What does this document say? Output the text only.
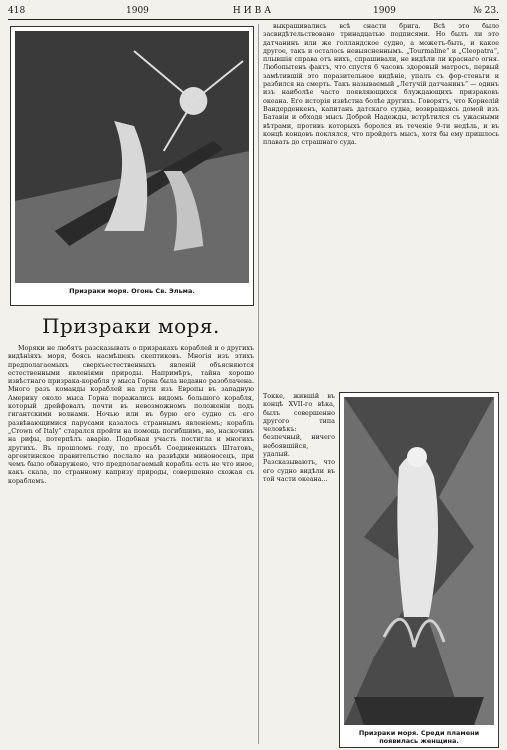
418	1909	НИВА	1909	№ 23.
Призраки моря. Огонь Св. Эльма.
Призраки моря.

Моряки не любятъ разсказывать о призракахъ кораблей и о другихъ видѣніяхъ моря, боясь насмѣшекъ скептиковъ. Многія изъ этихъ предполагаемыхъ сверхъестественныхъ явленій объясняются естественными явленіями природы. Напримѣръ, тайна хорошо извѣстнаго призрака-корабля у мыса Горна была недавно разоблачена. Много разъ команды кораблей на пути изъ Европы въ западную Америку около мыса Горна поражались видомъ большого корабля, который дрейфовалъ почти въ невозможномъ положеніи подъ гигантскими волнами. Ночью или въ бурю его судно съ его развѣвающимися парусами казалось страннымъ явленіемъ; корабль „Crown of Italy“ старался пройти на помощь погибшимъ, но, наскочивъ на рифы, потерпѣлъ аварію. Подобная участь постигла и многихъ другихъ. Въ прошломъ году, по просьбѣ Соединенныхъ Штатовъ, аргентинское правительство послало на развѣдки миноносецъ, при чемъ было обнаружено, что предполагаемый корабль есть не что иное, какъ скала, по странному капризу природы, совершенно схожая съ кораблемъ.

выкрашивались всѣ снасти брига. Всѣ это было засвидѣтельствовано тринадцатью подписями. Но былъ ли это датчанинъ или же голландское судно, а можетъ-быть, и какое другое, такъ и осталось невыясненнымъ. „Tourmaline“ и „Cleopatra“, плывшія справа отъ нихъ, спрашивали, не видѣли ли краснаго огня. Любопытенъ фактъ, что спустя 6 часовъ здоровый матросъ, первый замѣтившій это поразительное видѣніе, упалъ съ фор-стеньги и разбился на смерть. Такъ называемый „Летучій датчанинъ“ — одинъ изъ наиболѣе часто появляющихся блуждающихъ призраковъ океана. Его исторія извѣстна болѣе другихъ. Говорятъ, что Корнелій Вандерденкенъ, капитанъ датскаго судна, возвращаясь домой изъ Батавіи и обходя мысъ Доброй Надежды, встрѣтился съ ужасными вѣтрами, противъ которыхъ боролся въ теченіе 9-ти недѣль, и въ концѣ концовъ поклялся, что пройдетъ мысъ, хотя бы ему пришлось плавать до страшнаго суда.

Токке, жившій въ концѣ XVII-го вѣка, былъ совершенно другого типа человѣкъ: безпечный, ничего небоявшійся, удалый. Разсказываютъ, что его судно видѣли въ той части океана...

Призраки моря. Среди пламени появилась женщина.
